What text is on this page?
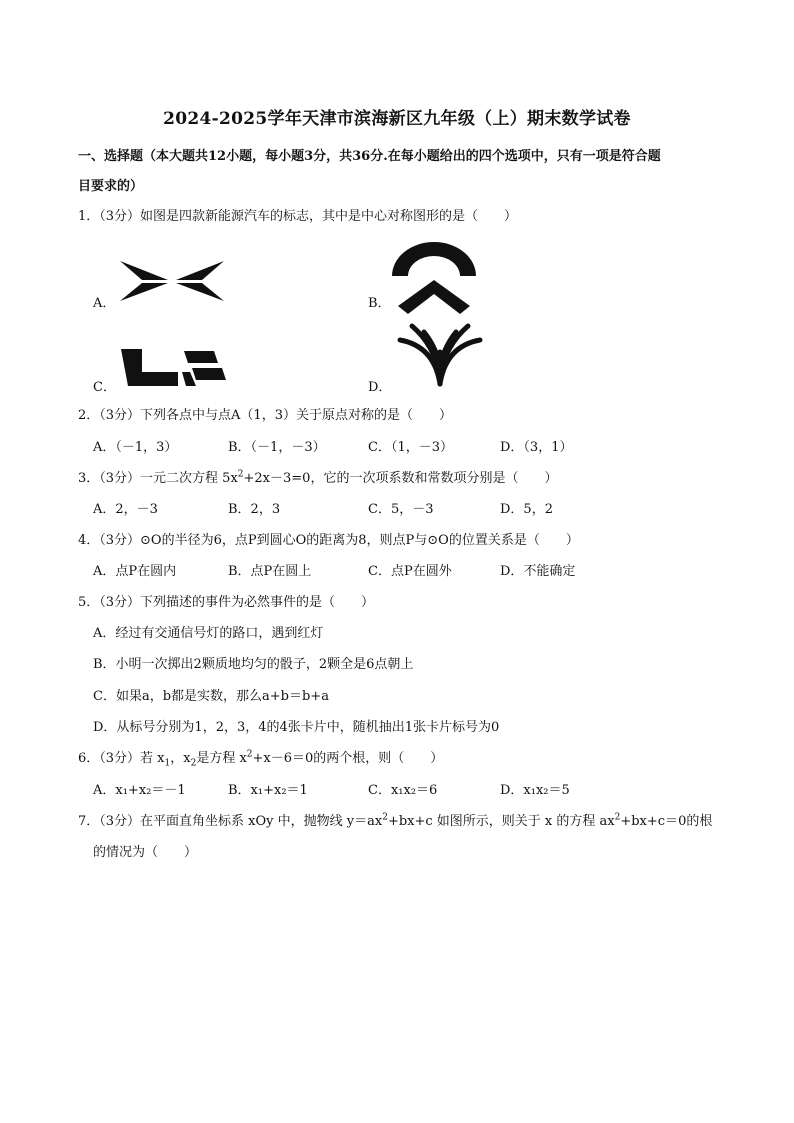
2024-2025学年天津市滨海新区九年级（上）期末数学试卷
一、选择题（本大题共12小题，每小题3分，共36分.在每小题给出的四个选项中，只有一项是符合题
目要求的）
1．（3分）如图是四款新能源汽车的标志，其中是中心对称图形的是（　　）
A．	B．
C．	D．
2．（3分）下列各点中与点A（1，3）关于原点对称的是（　　）
A．（－1，3）	B．（－1，－3）	C．（1，－3）	D．（3，1）
3．（3分）一元二次方程 $5x^2+2x-3=0$，它的一次项系数和常数项分别是（　　）
A．2，－3	B．2，3	C．5，－3	D．5，2
4．（3分）⊙O的半径为6，点P到圆心O的距离为8，则点P与⊙O的位置关系是（　　）
A．点P在圆内	B．点P在圆上	C．点P在圆外	D．不能确定
5．（3分）下列描述的事件为必然事件的是（　　）
A．经过有交通信号灯的路口，遇到红灯
B．小明一次掷出2颗质地均匀的骰子，2颗全是6点朝上
C．如果a，b都是实数，那么a+b＝b+a
D．从标号分别为1，2，3，4的4张卡片中，随机抽出1张卡片标号为0
6．（3分）若 $x_1$，$x_2$是方程 $x^2+x-6=0$的两个根，则（　　）
A．x₁+x₂＝－1	B．x₁+x₂＝1	C．x₁x₂＝6	D．x₁x₂＝5
7．（3分）在平面直角坐标系 xOy 中，抛物线 $y=ax^2+bx+c$ 如图所示，则关于 x 的方程 $ax^2+bx+c=0$的根
的情况为（　　）
